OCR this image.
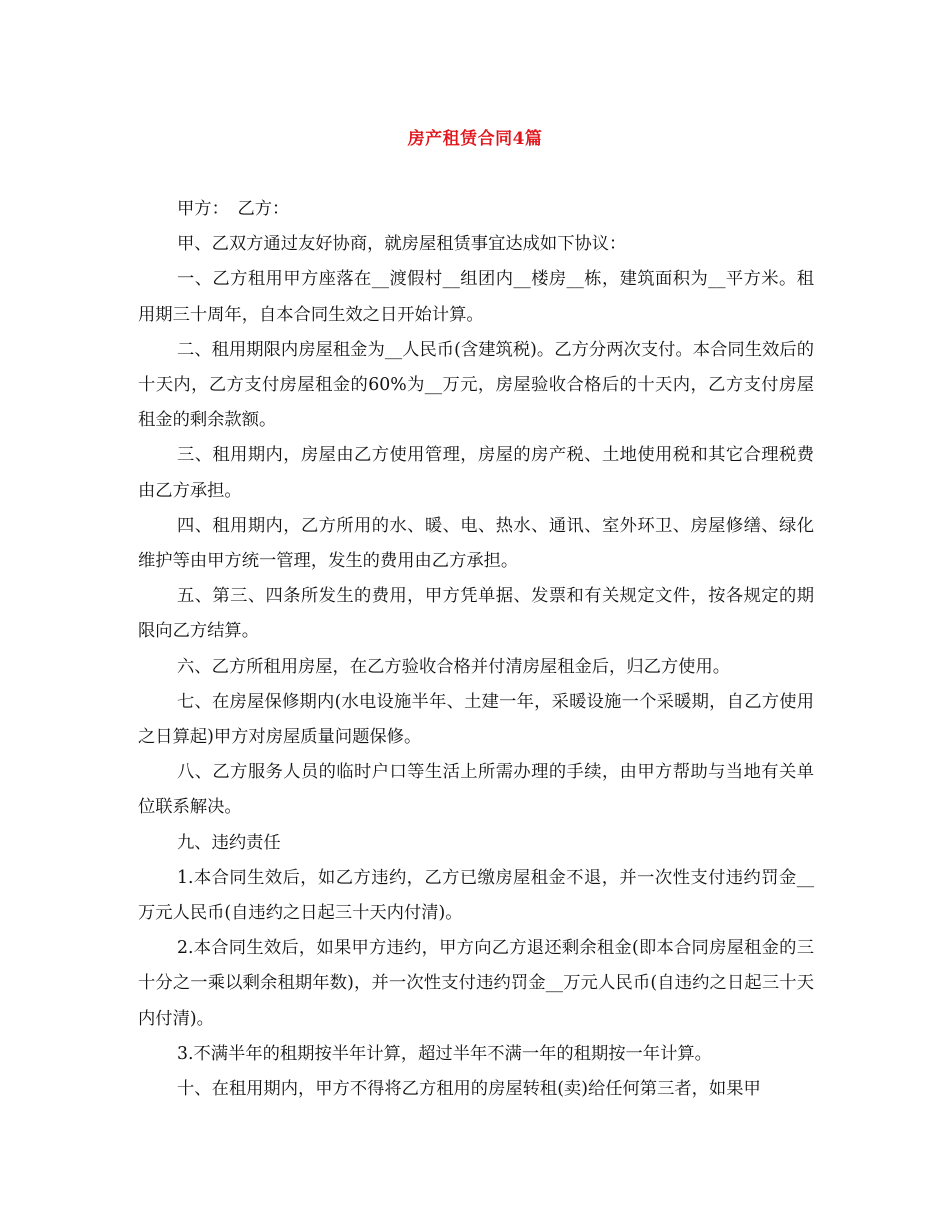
房产租赁合同4篇

甲方：　乙方：

甲、乙双方通过友好协商，就房屋租赁事宜达成如下协议：

一、乙方租用甲方座落在__渡假村__组团内__楼房__栋，建筑面积为__平方米。租用期三十周年，自本合同生效之日开始计算。

二、租用期限内房屋租金为__人民币(含建筑税)。乙方分两次支付。本合同生效后的十天内，乙方支付房屋租金的60%为__万元，房屋验收合格后的十天内，乙方支付房屋租金的剩余款额。

三、租用期内，房屋由乙方使用管理，房屋的房产税、土地使用税和其它合理税费由乙方承担。

四、租用期内，乙方所用的水、暖、电、热水、通讯、室外环卫、房屋修缮、绿化维护等由甲方统一管理，发生的费用由乙方承担。

五、第三、四条所发生的费用，甲方凭单据、发票和有关规定文件，按各规定的期限向乙方结算。

六、乙方所租用房屋，在乙方验收合格并付清房屋租金后，归乙方使用。

七、在房屋保修期内(水电设施半年、土建一年，采暖设施一个采暖期，自乙方使用之日算起)甲方对房屋质量问题保修。

八、乙方服务人员的临时户口等生活上所需办理的手续，由甲方帮助与当地有关单位联系解决。

九、违约责任

1.本合同生效后，如乙方违约，乙方已缴房屋租金不退，并一次性支付违约罚金__万元人民币(自违约之日起三十天内付清)。

2.本合同生效后，如果甲方违约，甲方向乙方退还剩余租金(即本合同房屋租金的三十分之一乘以剩余租期年数)，并一次性支付违约罚金__万元人民币(自违约之日起三十天内付清)。

3.不满半年的租期按半年计算，超过半年不满一年的租期按一年计算。

十、在租用期内，甲方不得将乙方租用的房屋转租(卖)给任何第三者，如果甲
